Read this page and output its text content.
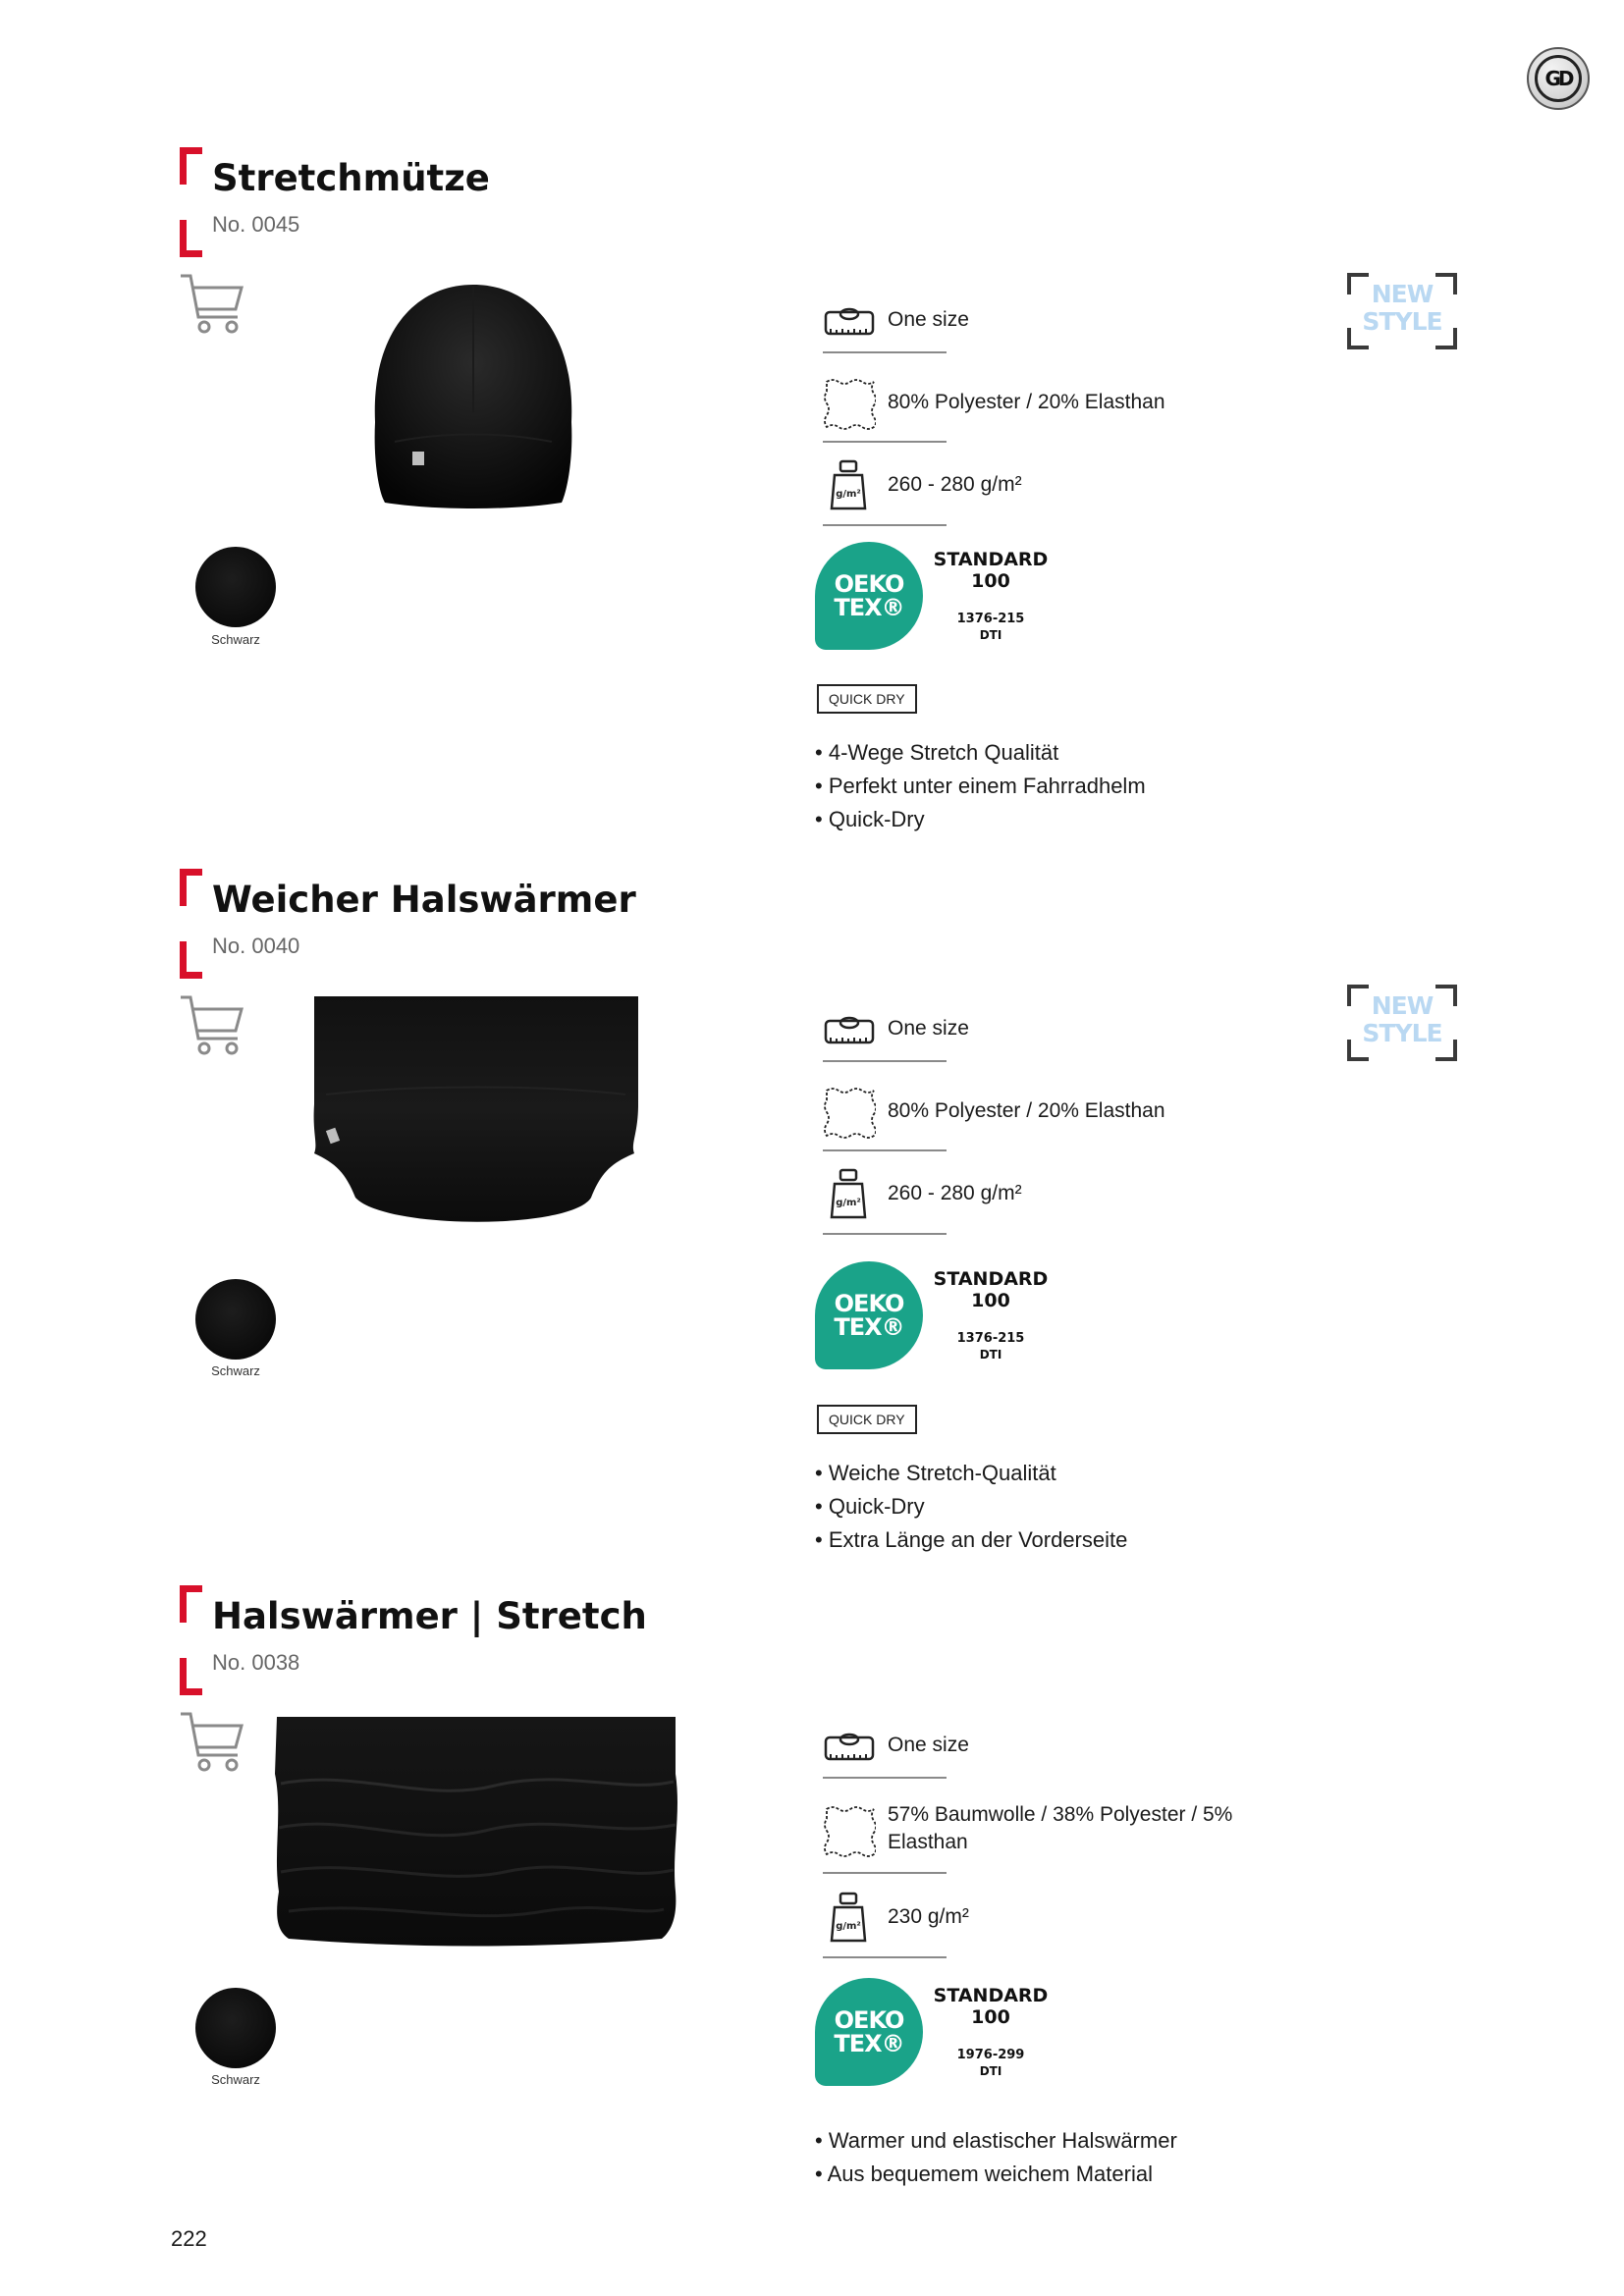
GD
Stretchmütze
No. 0045
Schwarz
One size
80% Polyester / 20% Elasthan
g/m² 260 - 280 g/m²
OEKO
TEX®
STANDARD
100
1376-215
DTI
QUICK DRY
• 4-Wege Stretch Qualität
• Perfekt unter einem Fahrradhelm
• Quick-Dry
NEW
STYLE
Weicher Halswärmer
No. 0040
Schwarz
One size
80% Polyester / 20% Elasthan
g/m² 260 - 280 g/m²
OEKO
TEX®
STANDARD
100
1376-215
DTI
QUICK DRY
• Weiche Stretch-Qualität
• Quick-Dry
• Extra Länge an der Vorderseite
NEW
STYLE
Halswärmer | Stretch
No. 0038
Schwarz
One size
57% Baumwolle / 38% Polyester / 5%
Elasthan
g/m² 230 g/m²
OEKO
TEX®
STANDARD
100
1976-299
DTI
• Warmer und elastischer Halswärmer
• Aus bequemem weichem Material
222
